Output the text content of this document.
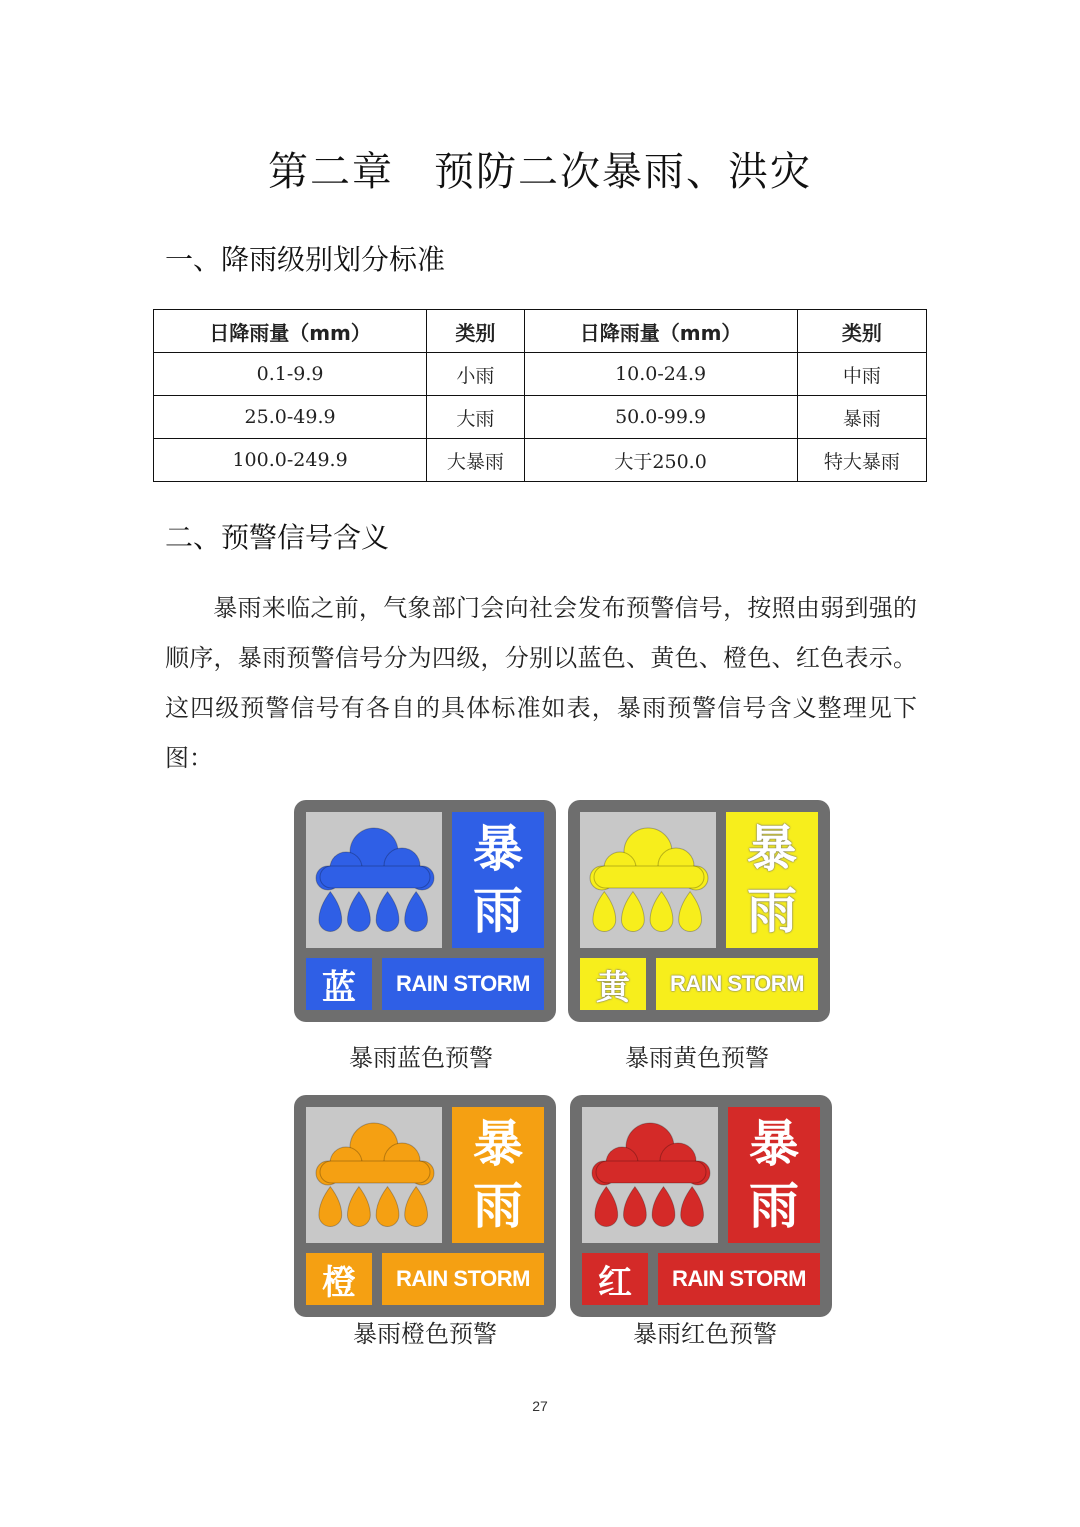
第二章 预防二次暴雨、洪灾
一、降雨级别划分标准
日降雨量（mm）	类别	日降雨量（mm）	类别
0.1-9.9	小雨	10.0-24.9	中雨
25.0-49.9	大雨	50.0-99.9	暴雨
100.0-249.9	大暴雨	大于250.0	特大暴雨
二、预警信号含义
暴雨来临之前，气象部门会向社会发布预警信号，按照由弱到强的顺序，暴雨预警信号分为四级，分别以蓝色、黄色、橙色、红色表示。这四级预警信号有各自的具体标准如表，暴雨预警信号含义整理见下图：
暴
雨
蓝	RAIN STORM
暴雨蓝色预警
暴
雨
黄	RAIN STORM
暴雨黄色预警
暴
雨
橙	RAIN STORM
暴雨橙色预警
暴
雨
红	RAIN STORM
暴雨红色预警
27
